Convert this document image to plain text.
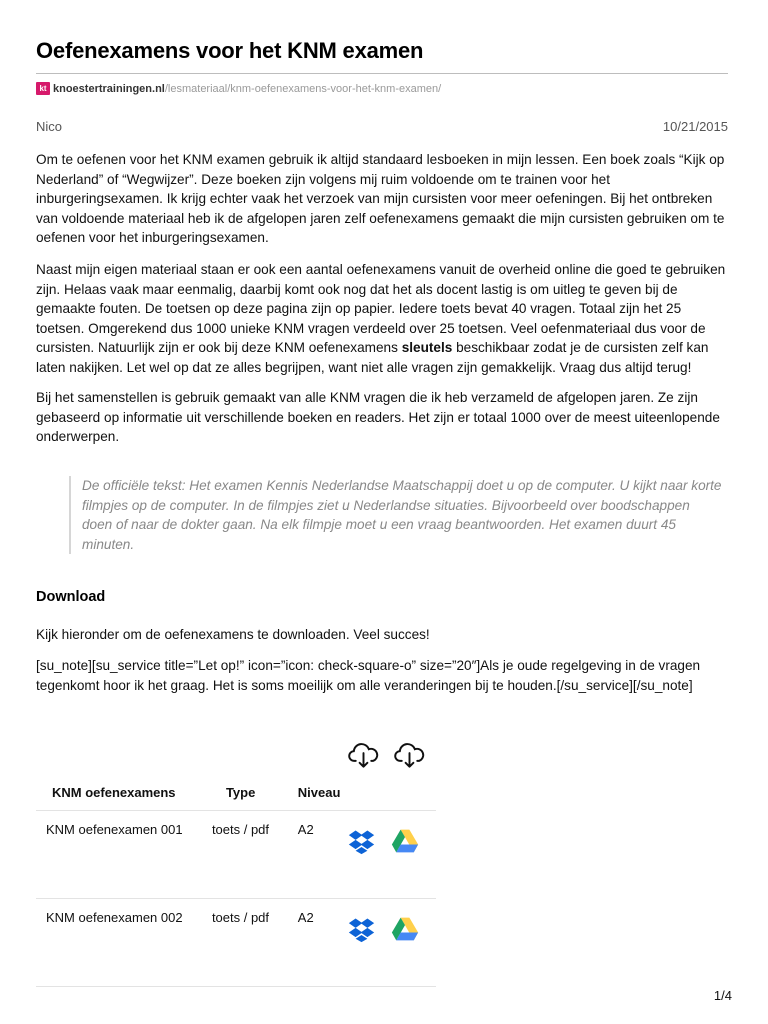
Oefenexamens voor het KNM examen
kt knoestertrainingen.nl /lesmateriaal/knm-oefenexamens-voor-het-knm-examen/
Nico	10/21/2015

Om te oefenen voor het KNM examen gebruik ik altijd standaard lesboeken in mijn lessen. Een boek zoals “Kijk op Nederland” of “Wegwijzer”. Deze boeken zijn volgens mij ruim voldoende om te trainen voor het inburgeringsexamen. Ik krijg echter vaak het verzoek van mijn cursisten voor meer oefeningen. Bij het ontbreken van voldoende materiaal heb ik de afgelopen jaren zelf oefenexamens gemaakt die mijn cursisten gebruiken om te oefenen voor het inburgeringsexamen.

Naast mijn eigen materiaal staan er ook een aantal oefenexamens vanuit de overheid online die goed te gebruiken zijn. Helaas vaak maar eenmalig, daarbij komt ook nog dat het als docent lastig is om uitleg te geven bij de gemaakte fouten. De toetsen op deze pagina zijn op papier. Iedere toets bevat 40 vragen. Totaal zijn het 25 toetsen. Omgerekend dus 1000 unieke KNM vragen verdeeld over 25 toetsen. Veel oefenmateriaal dus voor de cursisten. Natuurlijk zijn er ook bij deze KNM oefenexamens sleutels beschikbaar zodat je de cursisten zelf kan laten nakijken. Let wel op dat ze alles begrijpen, want niet alle vragen zijn gemakkelijk. Vraag dus altijd terug!

Bij het samenstellen is gebruik gemaakt van alle KNM vragen die ik heb verzameld de afgelopen jaren. Ze zijn gebaseerd op informatie uit verschillende boeken en readers. Het zijn er totaal 1000 over de meest uiteenlopende onderwerpen.

De officiële tekst: Het examen Kennis Nederlandse Maatschappij doet u op de computer. U kijkt naar korte filmpjes op de computer. In de filmpjes ziet u Nederlandse situaties. Bijvoorbeeld over boodschappen doen of naar de dokter gaan. Na elk filmpje moet u een vraag beantwoorden. Het examen duurt 45 minuten.
Download

Kijk hieronder om de oefenexamens te downloaden. Veel succes!

[su_note][su_service title=”Let op!” icon=”icon: check-square-o” size=”20″]Als je oude regelgeving in de vragen tegenkomt hoor ik het graag. Het is soms moeilijk om alle veranderingen bij te houden.[/su_service][/su_note]

KNM oefenexamens	Type	Niveau	

KNM oefenexamen 001	toets / pdf	A2	

KNM oefenexamen 002	toets / pdf	A2	

1/4
